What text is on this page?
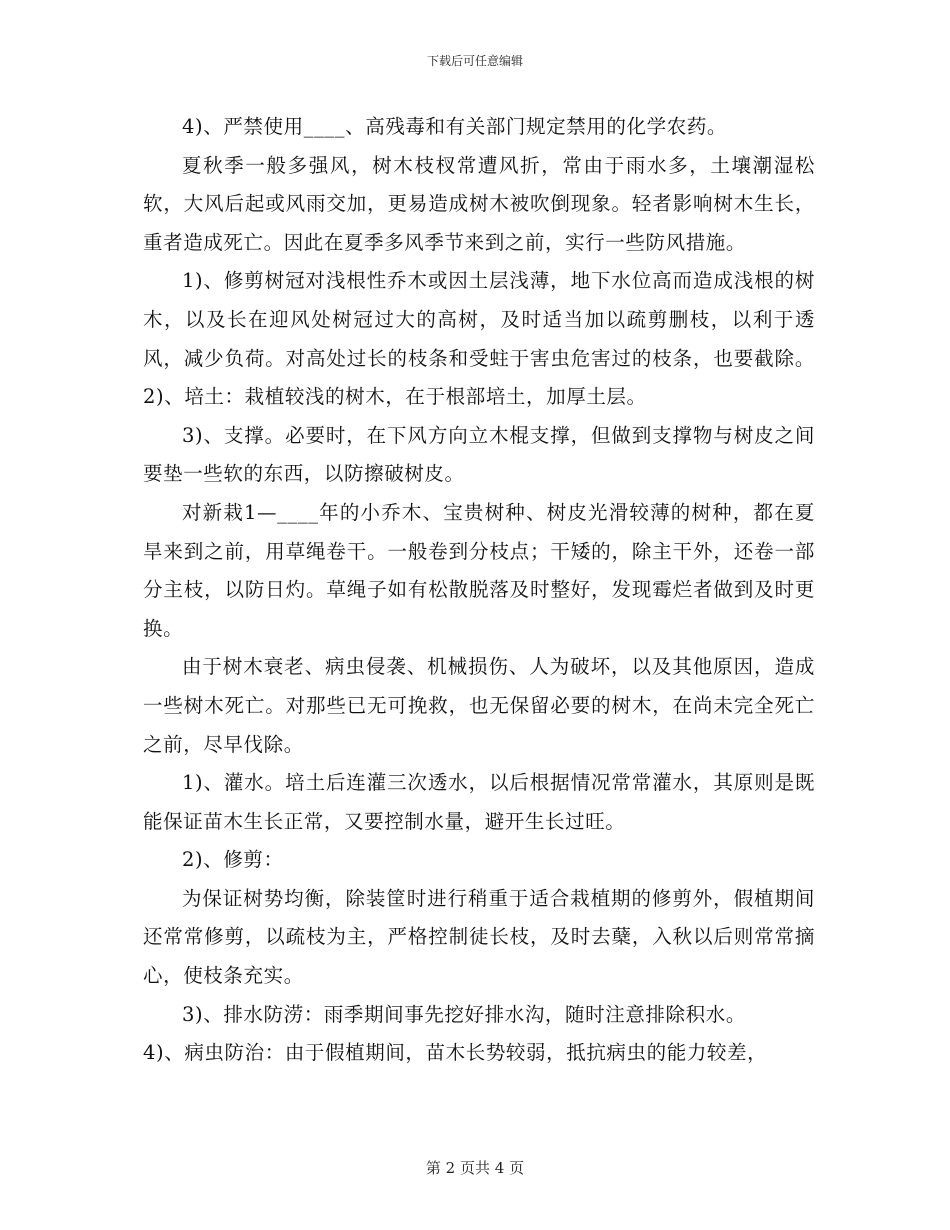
下载后可任意编辑

4)、严禁使用____、高残毒和有关部门规定禁用的化学农药。

夏秋季一般多强风，树木枝杈常遭风折，常由于雨水多，土壤潮湿松软，大风后起或风雨交加，更易造成树木被吹倒现象。轻者影响树木生长，重者造成死亡。因此在夏季多风季节来到之前，实行一些防风措施。

1)、修剪树冠对浅根性乔木或因土层浅薄，地下水位高而造成浅根的树木，以及长在迎风处树冠过大的高树，及时适当加以疏剪删枝，以利于透风，减少负荷。对高处过长的枝条和受蛀于害虫危害过的枝条，也要截除。2)、培土：栽植较浅的树木，在于根部培土，加厚土层。

3)、支撑。必要时，在下风方向立木棍支撑，但做到支撑物与树皮之间要垫一些软的东西，以防擦破树皮。

对新栽1—____年的小乔木、宝贵树种、树皮光滑较薄的树种，都在夏旱来到之前，用草绳卷干。一般卷到分枝点；干矮的，除主干外，还卷一部分主枝，以防日灼。草绳子如有松散脱落及时整好，发现霉烂者做到及时更换。

由于树木衰老、病虫侵袭、机械损伤、人为破坏，以及其他原因，造成一些树木死亡。对那些已无可挽救，也无保留必要的树木，在尚未完全死亡之前，尽早伐除。

1)、灌水。培土后连灌三次透水，以后根据情况常常灌水，其原则是既能保证苗木生长正常，又要控制水量，避开生长过旺。

2)、修剪：

为保证树势均衡，除装筐时进行稍重于适合栽植期的修剪外，假植期间还常常修剪，以疏枝为主，严格控制徒长枝，及时去蘖，入秋以后则常常摘心，使枝条充实。

3)、排水防涝：雨季期间事先挖好排水沟，随时注意排除积水。

4)、病虫防治：由于假植期间，苗木长势较弱，抵抗病虫的能力较差，

第 2 页共 4 页
